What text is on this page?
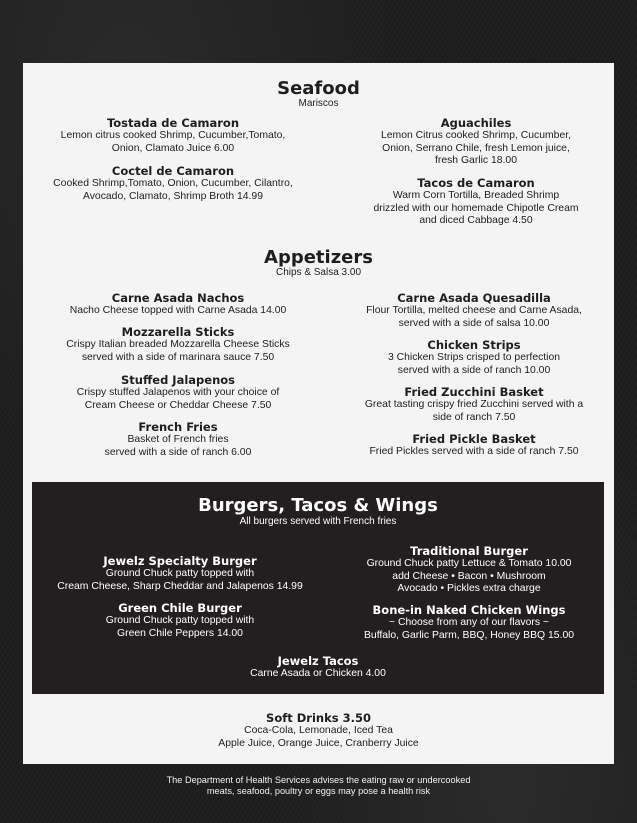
Seafood
Mariscos
Tostada de Camaron
Lemon citrus cooked Shrimp, Cucumber,Tomato,
Onion, Clamato Juice 6.00
Coctel de Camaron
Cooked Shrimp,Tomato, Onion, Cucumber, Cilantro,
Avocado, Clamato, Shrimp Broth 14.99
Aguachiles
Lemon Citrus cooked Shrimp, Cucumber,
Onion, Serrano Chile, fresh Lemon juice,
fresh Garlic 18.00
Tacos de Camaron
Warm Corn Tortilla, Breaded Shrimp
drizzled with our homemade Chipotle Cream
and diced Cabbage 4.50
Appetizers
Chips & Salsa 3.00
Carne Asada Nachos
Nacho Cheese topped with Carne Asada 14.00
Mozzarella Sticks
Crispy Italian breaded Mozzarella Cheese Sticks
served with a side of marinara sauce 7.50
Stuffed Jalapenos
Crispy stuffed Jalapenos with your choice of
Cream Cheese or Cheddar Cheese 7.50
French Fries
Basket of French fries
served with a side of ranch 6.00
Carne Asada Quesadilla
Flour Tortilla, melted cheese and Carne Asada,
served with a side of salsa 10.00
Chicken Strips
3 Chicken Strips crisped to perfection
served with a side of ranch 10.00
Fried Zucchini Basket
Great tasting crispy fried Zucchini served with a
side of ranch 7.50
Fried Pickle Basket
Fried Pickles served with a side of ranch 7.50
Burgers, Tacos & Wings
All burgers served with French fries
Jewelz Specialty Burger
Ground Chuck patty topped with
Cream Cheese, Sharp Cheddar and Jalapenos 14.99
Green Chile Burger
Ground Chuck patty topped with
Green Chile Peppers 14.00
Traditional Burger
Ground Chuck patty Lettuce & Tomato 10.00
add Cheese • Bacon • Mushroom
Avocado • Pickles extra charge
Bone-in Naked Chicken Wings
~ Choose from any of our flavors ~
Buffalo, Garlic Parm, BBQ, Honey BBQ 15.00
Jewelz Tacos
Carne Asada or Chicken 4.00
Soft Drinks 3.50
Coca-Cola, Lemonade, Iced Tea
Apple Juice, Orange Juice, Cranberry Juice
The Department of Health Services advises the eating raw or undercooked
meats, seafood, poultry or eggs may pose a health risk
